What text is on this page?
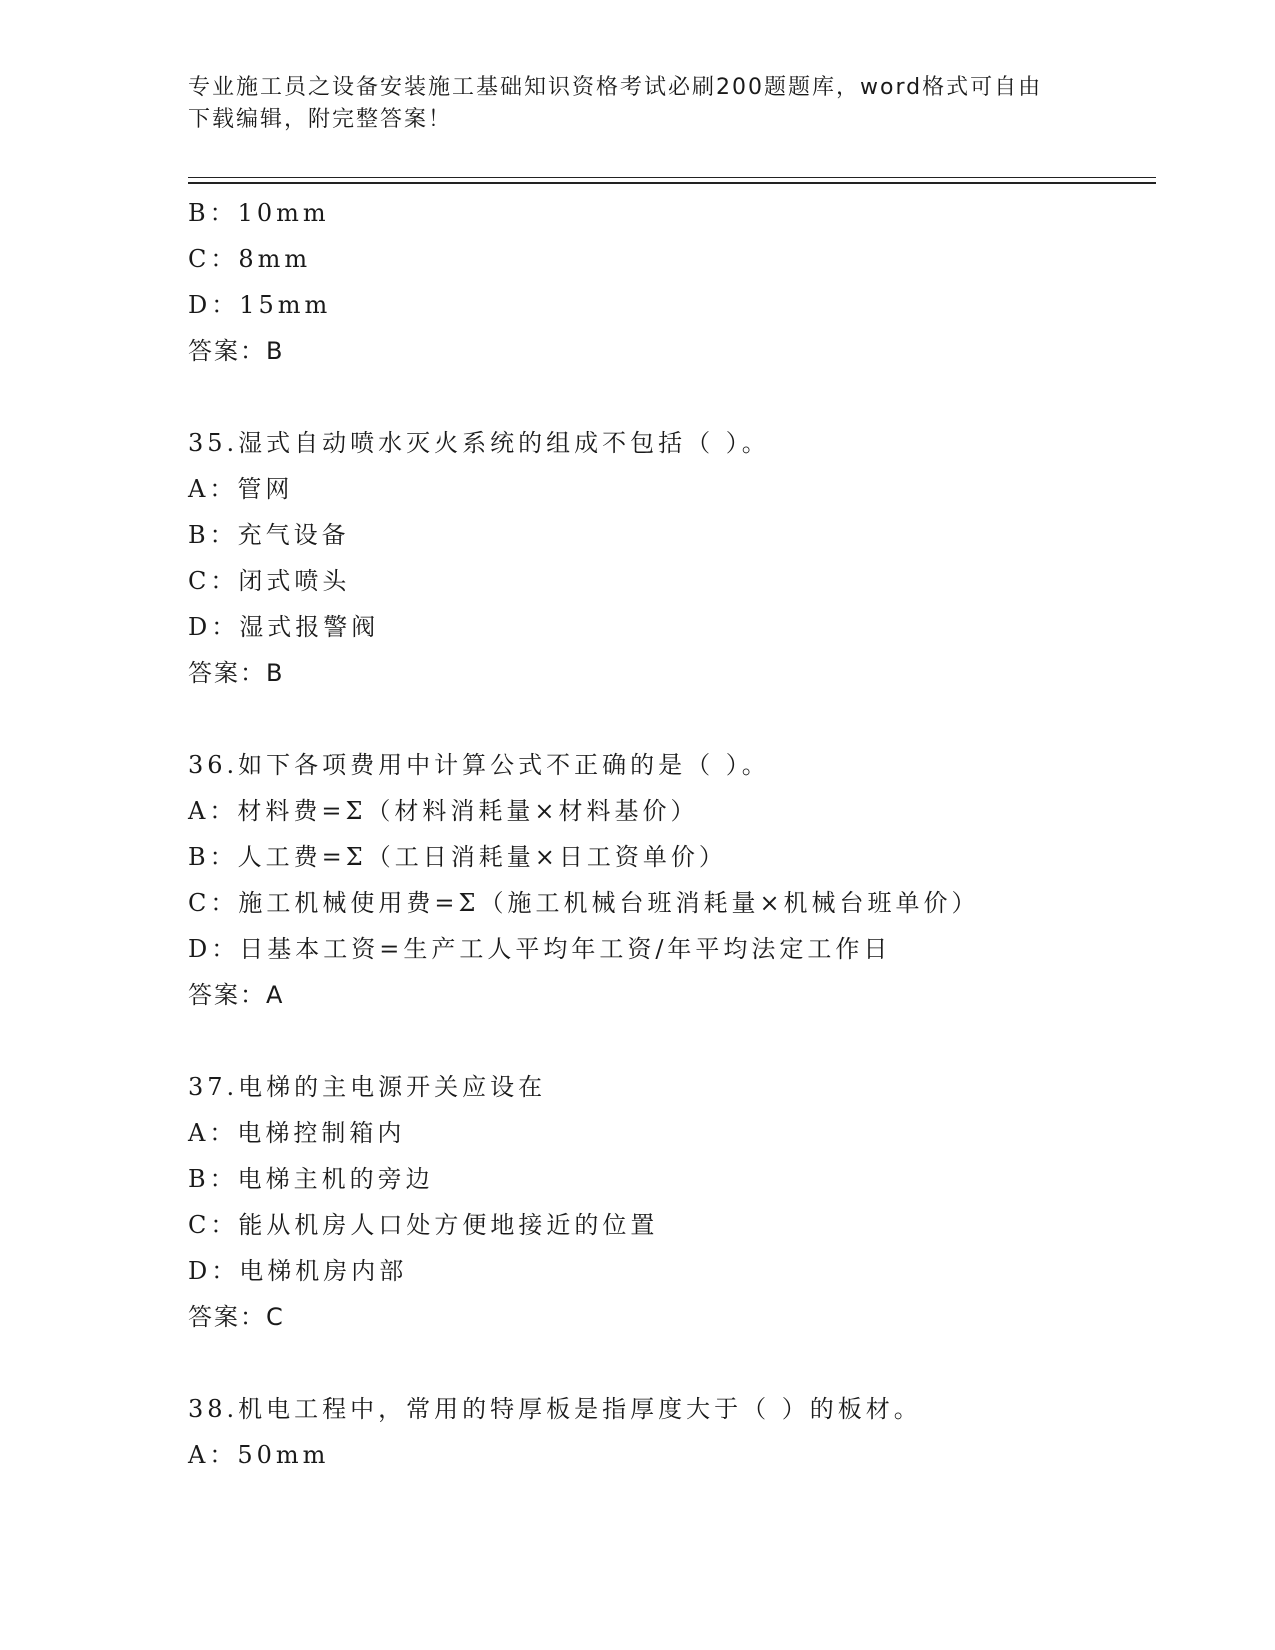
专业施工员之设备安装施工基础知识资格考试必刷200题题库，word格式可自由
下载编辑，附完整答案！
B：10mm
C：8mm
D：15mm
答案：B
35.湿式自动喷水灭火系统的组成不包括（ ）。
A：管网
B：充气设备
C：闭式喷头
D：湿式报警阀
答案：B
36.如下各项费用中计算公式不正确的是（ ）。
A：材料费=Σ（材料消耗量×材料基价）
B：人工费=Σ（工日消耗量×日工资单价）
C：施工机械使用费=Σ（施工机械台班消耗量×机械台班单价）
D：日基本工资=生产工人平均年工资/年平均法定工作日
答案：A
37.电梯的主电源开关应设在
A：电梯控制箱内
B：电梯主机的旁边
C：能从机房人口处方便地接近的位置
D：电梯机房内部
答案：C
38.机电工程中，常用的特厚板是指厚度大于（ ）的板材。
A：50mm
